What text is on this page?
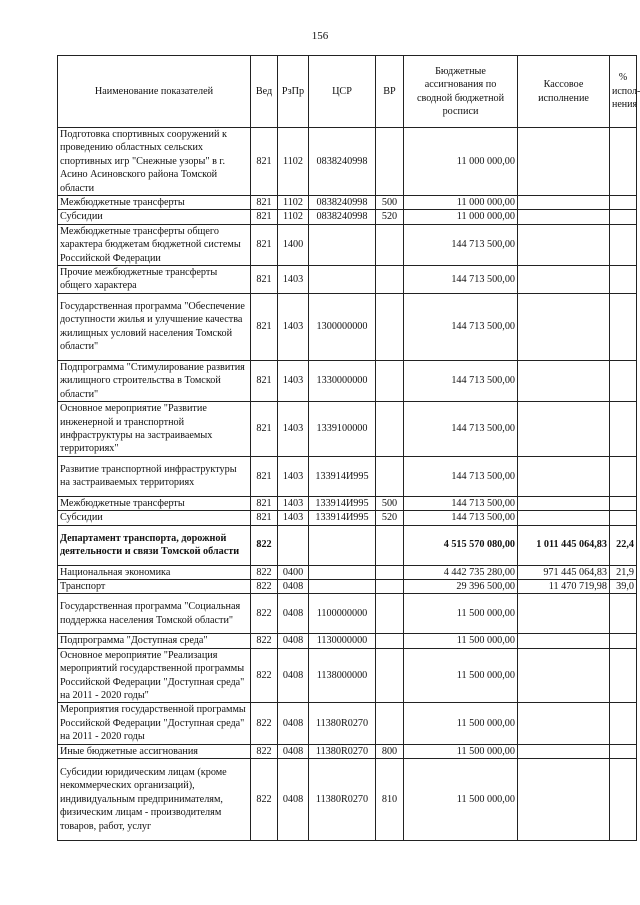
156
Наименование показателей	Вед	РзПр	ЦСР	ВР	Бюджетные ассигнования по сводной бюджетной росписи	Кассовое исполнение	% испол-нения
Подготовка спортивных сооружений к проведению областных сельских спортивных игр "Снежные узоры" в г. Асино Асиновского района Томской области	821	1102	0838240998		11 000 000,00		
Межбюджетные трансферты	821	1102	0838240998	500	11 000 000,00		
Субсидии	821	1102	0838240998	520	11 000 000,00		
Межбюджетные трансферты общего характера бюджетам бюджетной системы Российской Федерации	821	1400			144 713 500,00		
Прочие межбюджетные трансферты общего характера	821	1403			144 713 500,00		
Государственная программа "Обеспечение доступности жилья и улучшение качества жилищных условий населения Томской области"	821	1403	1300000000		144 713 500,00		
Подпрограмма "Стимулирование развития жилищного строительства в Томской области"	821	1403	1330000000		144 713 500,00		
Основное мероприятие "Развитие инженерной и транспортной инфраструктуры на застраиваемых территориях"	821	1403	1339100000		144 713 500,00		
Развитие транспортной инфраструктуры на застраиваемых территориях	821	1403	133914И995		144 713 500,00		
Межбюджетные трансферты	821	1403	133914И995	500	144 713 500,00		
Субсидии	821	1403	133914И995	520	144 713 500,00		
Департамент транспорта, дорожной деятельности и связи Томской области	822				4 515 570 080,00	1 011 445 064,83	22,4
Национальная экономика	822	0400			4 442 735 280,00	971 445 064,83	21,9
Транспорт	822	0408			29 396 500,00	11 470 719,98	39,0
Государственная программа "Социальная поддержка населения Томской области"	822	0408	1100000000		11 500 000,00		
Подпрограмма "Доступная среда"	822	0408	1130000000		11 500 000,00		
Основное мероприятие "Реализация мероприятий государственной программы Российской Федерации "Доступная среда" на 2011 - 2020 годы"	822	0408	1138000000		11 500 000,00		
Мероприятия государственной программы Российской Федерации "Доступная среда" на 2011 - 2020 годы	822	0408	11380R0270		11 500 000,00		
Иные бюджетные ассигнования	822	0408	11380R0270	800	11 500 000,00		
Субсидии юридическим лицам (кроме некоммерческих организаций), индивидуальным предпринимателям, физическим лицам - производителям товаров, работ, услуг	822	0408	11380R0270	810	11 500 000,00		
